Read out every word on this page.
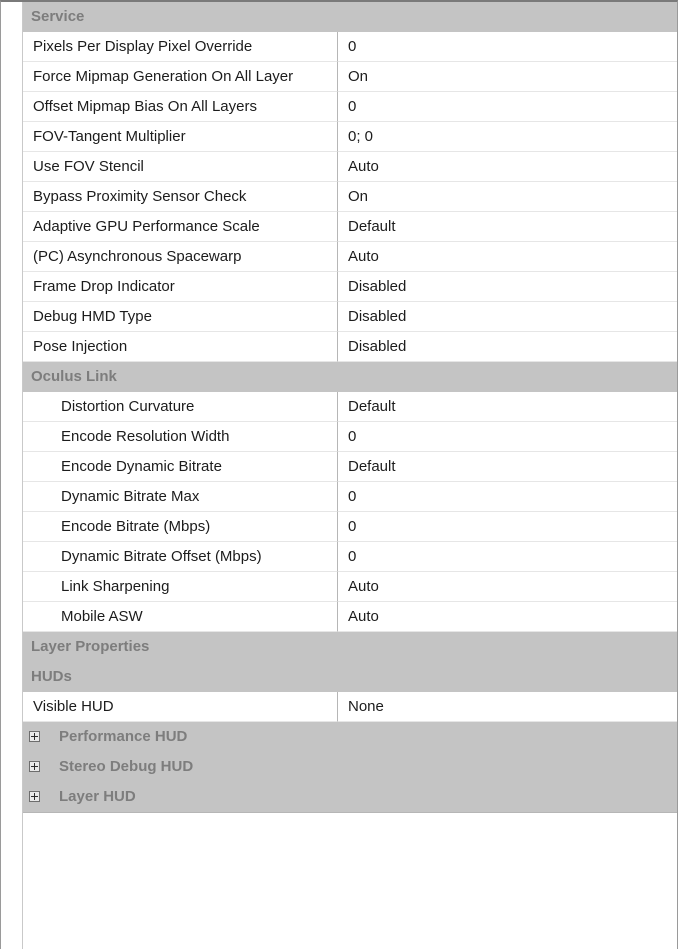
Service
Pixels Per Display Pixel Override	0
Force Mipmap Generation On All Layer	On
Offset Mipmap Bias On All Layers	0
FOV-Tangent Multiplier	0; 0
Use FOV Stencil	Auto
Bypass Proximity Sensor Check	On
Adaptive GPU Performance Scale	Default
(PC) Asynchronous Spacewarp	Auto
Frame Drop Indicator	Disabled
Debug HMD Type	Disabled
Pose Injection	Disabled
Oculus Link
Distortion Curvature	Default
Encode Resolution Width	0
Encode Dynamic Bitrate	Default
Dynamic Bitrate Max	0
Encode Bitrate (Mbps)	0
Dynamic Bitrate Offset (Mbps)	0
Link Sharpening	Auto
Mobile ASW	Auto
Layer Properties
HUDs
Visible HUD	None
Performance HUD
Stereo Debug HUD
Layer HUD
